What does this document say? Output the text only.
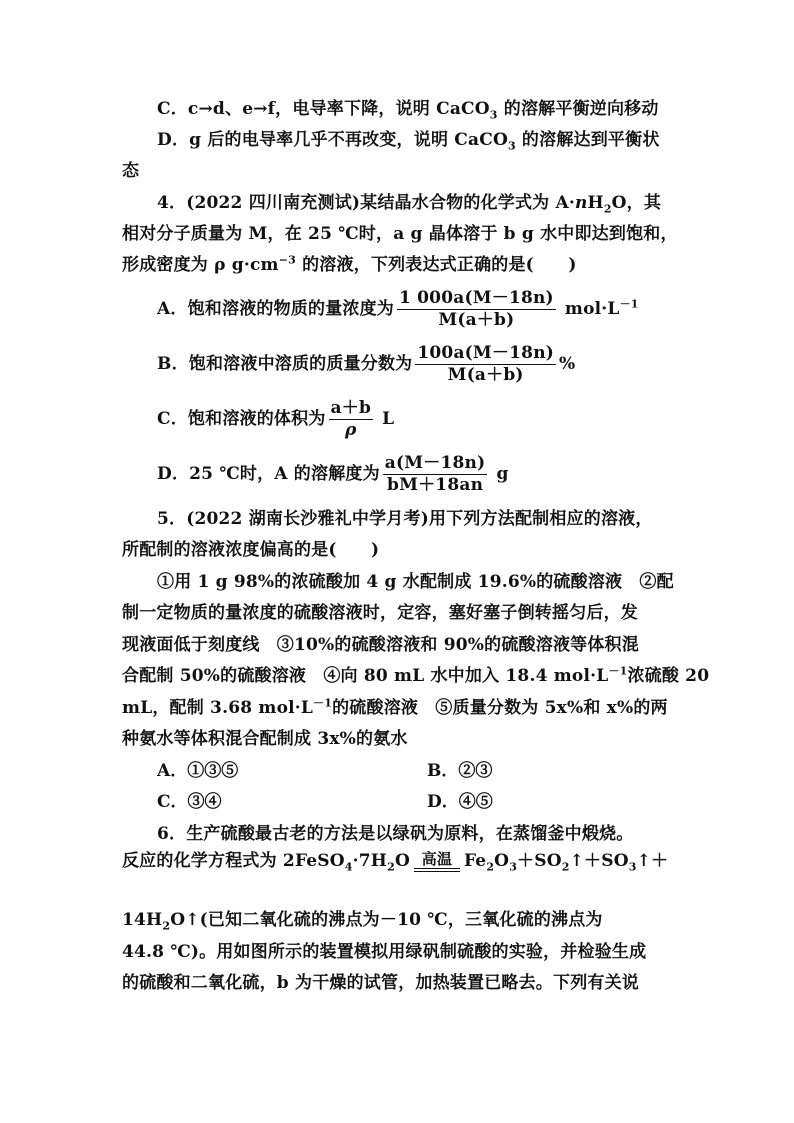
C．c→d、e→f，电导率下降，说明 CaCO$_3$ 的溶解平衡逆向移动
D．g 后的电导率几乎不再改变，说明 CaCO$_3$ 的溶解达到平衡状
态
4．(2022 四川南充测试)某结晶水合物的化学式为 $A\cdot nH_2O$，其
相对分子质量为 M，在 25 ℃时，a g 晶体溶于 b g 水中即达到饱和，
形成密度为 ρ $g\cdot cm^{-3}$ 的溶液，下列表达式正确的是(　　)
A．饱和溶液的物质的量浓度为 $\frac{1 000a(M-18n)}{M(a+b)} mol\cdot L^{-1}$
B．饱和溶液中溶质的质量分数为 $\frac{100a(M-18n)}{M(a+b)}$ %
C．饱和溶液的体积为 $\frac{a+b}{\rho}$ L
D．25 ℃时，A 的溶解度为 $\frac{a(M-18n)}{bM+18an}$ g
5．(2022 湖南长沙雅礼中学月考)用下列方法配制相应的溶液，
所配制的溶液浓度偏高的是(　　)
①用 1 g 98%的浓硫酸加 4 g 水配制成 19.6%的硫酸溶液　②配
制一定物质的量浓度的硫酸溶液时，定容，塞好塞子倒转摇匀后，发
现液面低于刻度线　③10%的硫酸溶液和 90%的硫酸溶液等体积混
合配制 50%的硫酸溶液　④向 80 mL 水中加入 18.4 $mol\cdot L^{-1}$浓硫酸 20
mL，配制 3.68 $mol\cdot L^{-1}$的硫酸溶液　⑤质量分数为 5x%和 x%的两
种氨水等体积混合配制成 3x%的氨水
A．①③⑤	B．②③
C．③④	D．④⑤
6．生产硫酸最古老的方法是以绿矾为原料，在蒸馏釜中煅烧。
反应的化学方程式为 $2FeSO_4\cdot 7H_2O$ 高温 $Fe_2O_3+SO_2↑+SO_3↑+$
$14H_2O↑$(已知二氧化硫的沸点为－10 ℃，三氧化硫的沸点为
44.8 ℃)。用如图所示的装置模拟用绿矾制硫酸的实验，并检验生成
的硫酸和二氧化硫，b 为干燥的试管，加热装置已略去。下列有关说
